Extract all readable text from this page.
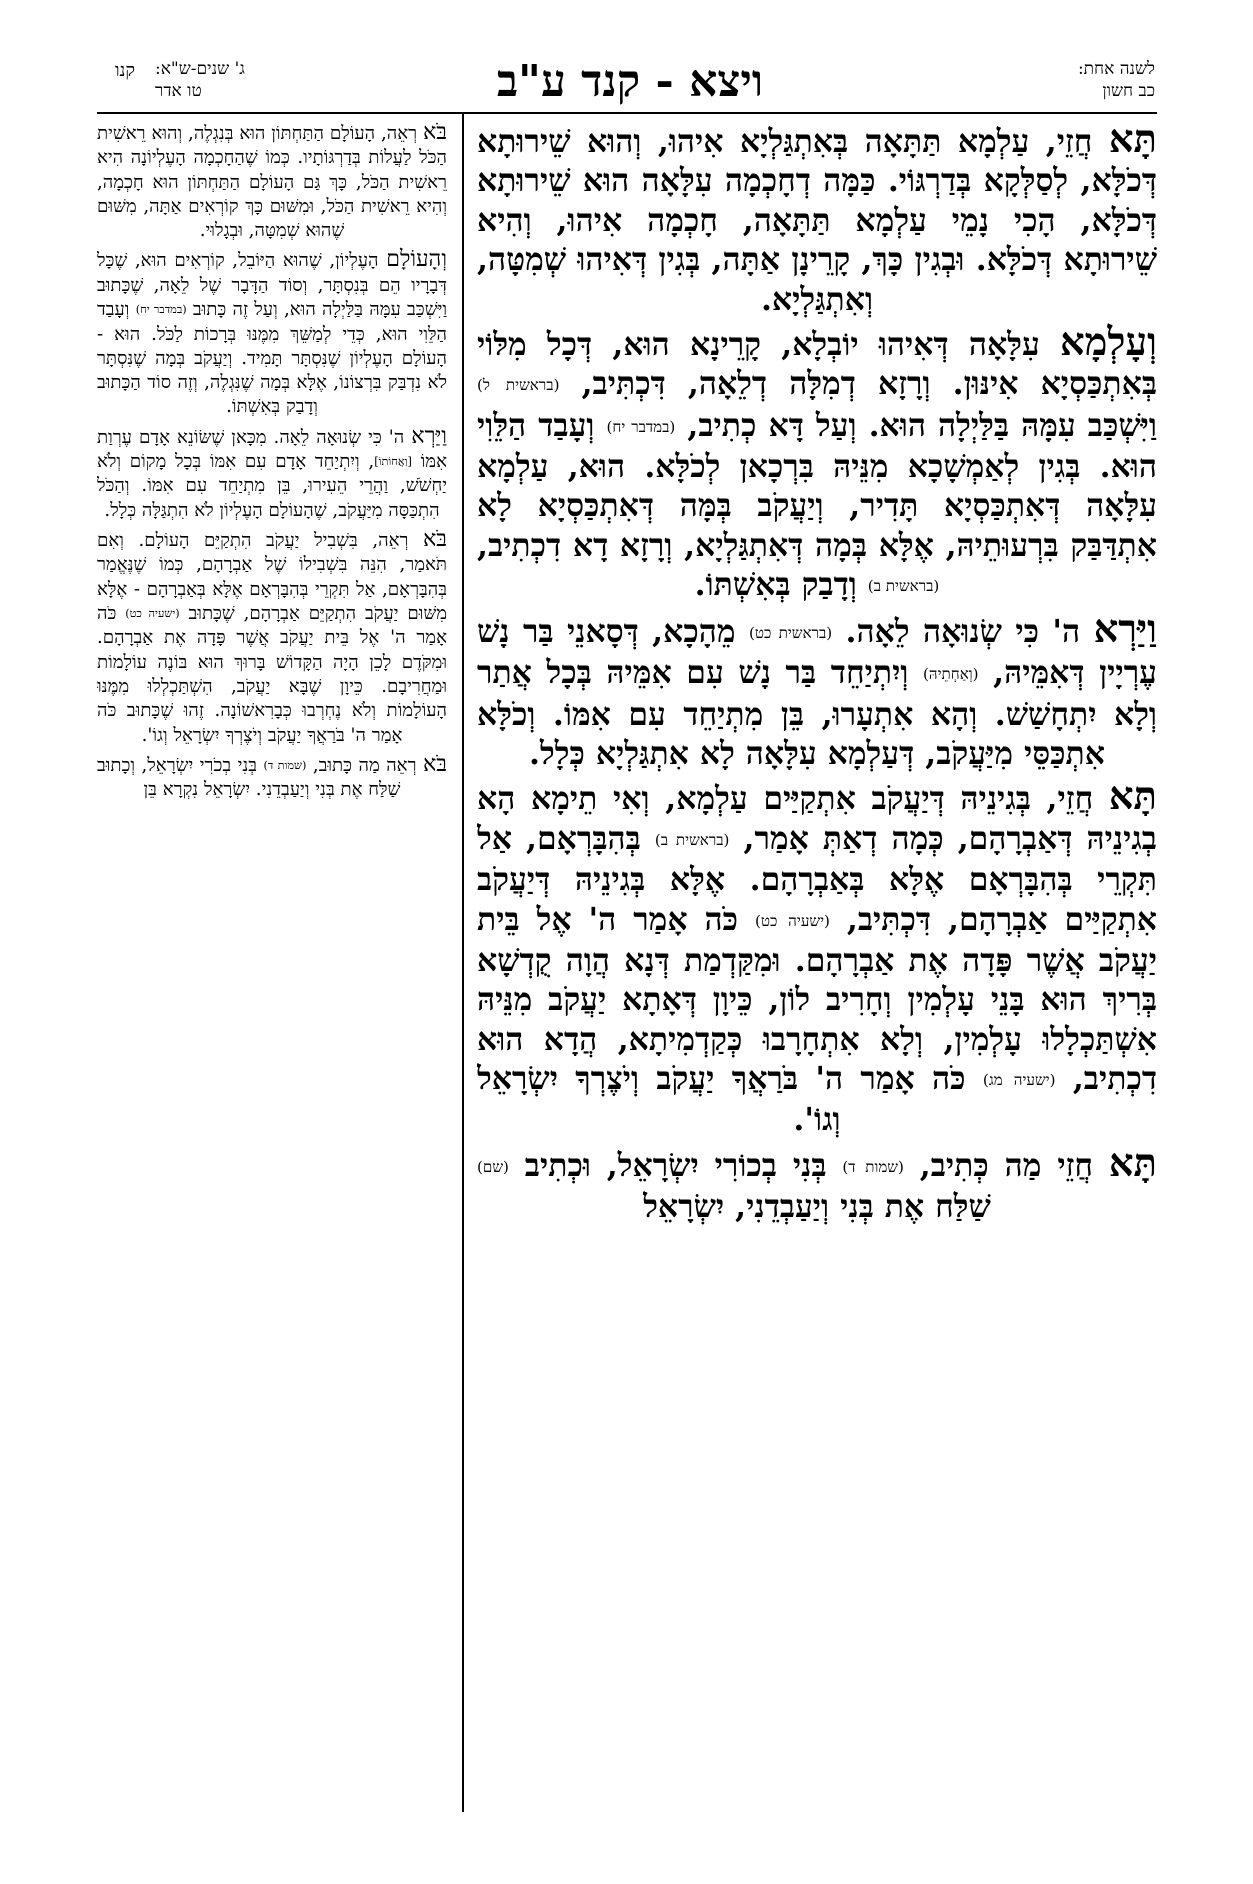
לשנה אחת:
כב חשון
ויצא - קנד ע"ב
ג' שנים-ש"א:
טו אדר
קנו

תָּא חֲזֵי, עַלְמָא תַּתָּאָה בְּאִתְגַּלְיָא אִיהוּ, וְהוּא שֵׁירוּתָא דְּכֹלָּא, לְסַלְּקָא בְּדַרְגּוֹי. כַּמָּה דְחָכְמָה עִלָּאָה הוּא שֵׁירוּתָא דְּכֹלָּא, הָכִי נָמֵי עַלְמָא תַּתָּאָה, חָכְמָה אִיהוּ, וְהִיא שֵׁירוּתָא דְּכֹלָּא. וּבְגִין כָּךְ, קָרֵינָן אַתָּה, בְּגִין דְּאִיהוּ שְׁמִטָּה, וְאִתְגַּלְיָא.

וְעָלְמָא עִלָּאָה דְּאִיהוּ יוֹבְלָא, קָרֵינָא הוּא, דְּכָל מִלּוֹי בְּאִתְכַּסְיָא אִינּוּן. וְרָזָא דְמִלָּה דְלֵאָה, דִּכְתִּיב, (בראשית ל) וַיִּשְׁכַּב עִמָּהּ בַּלַּיְלָה הוּא. וְעַל דָּא כְתִיב, (במדבר יח) וְעָבַד הַלֵּוִי הוּא. בְּגִין לְאַמְשָׁכָא מִנֵּיהּ בִּרְכָאן לְכֹלָּא. הוּא, עַלְמָא עִלָּאָה דְּאִתְכַּסְיָא תָּדִיר, וְיַעֲקֹב בְּמָּה דְּאִתְכַּסְיָא לָא אִתְדַּבַּק בִּרְעוּתֵיהּ, אֶלָּא בְּמָה דְּאִתְגַּלְיָא, וְרָזָא דָא דִכְתִיב, (בראשית ב) וְדָבַק בְּאִשְׁתּוֹ.

וַיַּרְא ה' כִּי שְׂנוּאָה לֵאָה. (בראשית כט) מֵהָכָא, דְּסָאנֵי בַּר נָשׁ עֶרְיָין דְּאִמֵּיהּ, (וְאַחְתֵיהּ) וְיִתְיַחֵד בַּר נָשׁ עִם אִמֵּיהּ בְּכָל אֲתַר וְלָא יִתְחָשַׁשׁ. וְהָא אִתְעָרוּ, בֵּן מִתְיַחֵד עִם אִמּוֹ. וְכֹלָּא אִתְכַּסֵּי מִיַּעֲקֹב, דְּעַלְמָא עִלָּאָה לָא אִתְגַּלְיָא כְּלָל.

תָּא חֲזֵי, בְּגִינֵיהּ דְּיַעֲקֹב אִתְקַיַּים עַלְמָא, וְאִי תֵימָא הָא בְגִינֵיהּ דְּאַבְרָהָם, כְּמָה דְאַתְּ אָמַר, (בראשית ב) בְּהִבָּרְאָם, אַל תִּקְרֵי בְּהִבָּרְאָם אֶלָּא בְּאַבְרָהָם. אֶלָּא בְּגִינֵיהּ דְּיַעֲקֹב אִתְקַיַּים אַבְרָהָם, דִּכְתִּיב, (ישעיה כט) כֹּה אָמַר ה' אֶל בֵּית יַעֲקֹב אֲשֶׁר פָּדָה אֶת אַבְרָהָם. וּמִקַּדְמַת דְּנָא הֲוָה קֻדְשָׁא בְּרִיךְ הוּא בָּנֵי עָלְמִין וְחָרִיב לוֹן, כֵּיוָן דְּאָתָא יַעֲקֹב מִנֵּיהּ אִשְׁתַּכְלָלוּ עָלְמִין, וְלָא אִתְחָרָבוּ כְּקַדְמִיתָא, הֲדָא הוּא דִכְתִיב, (ישעיה מג) כֹּה אָמַר ה' בֹּרַאֲךָ יַעֲקֹב וְיֹצֶרְךָ יִשְׂרָאֵל וְגוֹ'.

תָּא חֲזֵי מַה כְּתִיב, (שמות ד) בְּנִי בְכוֹרִי יִשְׂרָאֵל, וּכְתִיב (שם) שַׁלַּח אֶת בְּנִי וְיַעַבְדֵנִי, יִשְׂרָאֵל

בֹּא רְאֵה, הָעוֹלָם הַתַּחְתּוֹן הוּא בְּנִגְלֶה, וְהוּא רֵאשִׁית הַכֹּל לַעֲלוֹת בְּדַרְגּוֹתָיו. כְּמוֹ שֶׁהַחָכְמָה הָעֶלְיוֹנָה הִיא רֵאשִׁית הַכֹּל, כָּךְ גַּם הָעוֹלָם הַתַּחְתּוֹן הוּא חָכְמָה, וְהִיא רֵאשִׁית הַכֹּל, וּמִשּׁוּם כָּךְ קוֹרְאִים אַתָּה, מִשּׁוּם שֶׁהוּא שְׁמִטָּה, וּבְגָלוּי.

וְהָעוֹלָם הָעֶלְיוֹן, שֶׁהוּא הַיּוֹבֵל, קוֹרְאִים הוּא, שֶׁכָּל דְּבָרָיו הֵם בְּנִסְתָּר, וְסוֹד הַדָּבָר שֶׁל לֵאָה, שֶׁכָּתוּב וַיִּשְׁכַּב עִמָּהּ בַּלַּיְלָה הוּא, וְעַל זֶה כָּתוּב (במדבר יח) וְעָבַד הַלֵּוִי הוּא, כְּדֵי לְמַשֵּׁךְ מִמֶּנּוּ בְּרָכוֹת לַכֹּל. הוּא - הָעוֹלָם הָעֶלְיוֹן שֶׁנִּסְתָּר תָּמִיד. וְיַעֲקֹב בְּמָה שֶׁנִּסְתָּר לֹא נִדְבַּק בִּרְצוֹנוֹ, אֶלָּא בְּמָה שֶׁנִּגְלֶה, וְזֶה סוֹד הַכָּתוּב וְדָבַק בְּאִשְׁתּוֹ.

וַיַּרְא ה' כִּי שְׂנוּאָה לֵאָה. מִכָּאן שֶׁשּׂוֹנֵא אָדָם עֶרְוַת אִמּוֹ [וַאֲחוֹתוֹ], וְיִתְיַחֵד אָדָם עִם אִמּוֹ בְּכָל מָקוֹם וְלֹא יַחְשֹׁשׁ, וַהֲרֵי הֵעִירוּ, בֵּן מִתְיַחֵד עִם אִמּוֹ. וְהַכֹּל הִתְכַּסָּה מִיַּעֲקֹב, שֶׁהָעוֹלָם הָעֶלְיוֹן לֹא הִתְגַּלָּה כְּלָל.

בֹּא רְאֵה, בִּשְׁבִיל יַעֲקֹב הִתְקַיֵּם הָעוֹלָם. וְאִם תֹּאמַר, הִנֵּה בִּשְׁבִילוֹ שֶׁל אַבְרָהָם, כְּמוֹ שֶׁנֶּאֱמַר בְּהִבָּרְאָם, אַל תִּקְרֵי בְּהִבָּרְאָם אֶלָּא בְּאַבְרָהָם - אֶלָּא מִשּׁוּם יַעֲקֹב הִתְקַיֵּם אַבְרָהָם, שֶׁכָּתוּב (ישעיה כט) כֹּה אָמַר ה' אֶל בֵּית יַעֲקֹב אֲשֶׁר פָּדָה אֶת אַבְרָהָם. וּמִקֹּדֶם לָכֵן הָיָה הַקָּדוֹשׁ בָּרוּךְ הוּא בּוֹנֶה עוֹלָמוֹת וּמַחֲרִיבָם. כֵּיוָן שֶׁבָּא יַעֲקֹב, הִשְׁתַּכְלְלוּ מִמֶּנּוּ הָעוֹלָמוֹת וְלֹא נֶחְרְבוּ כְּבָרִאשׁוֹנָה. זֶהוּ שֶׁכָּתוּב כֹּה אָמַר ה' בֹּרַאֲךָ יַעֲקֹב וְיֹצֶרְךָ יִשְׂרָאֵל וְגוֹ'.

בֹּא רְאֵה מַה כָּתוּב, (שמות ד) בְּנִי בְכֹרִי יִשְׂרָאֵל, וְכָתוּב שַׁלַּח אֶת בְּנִי וְיַעַבְדֵנִי. יִשְׂרָאֵל נִקְרָא בֵּן
